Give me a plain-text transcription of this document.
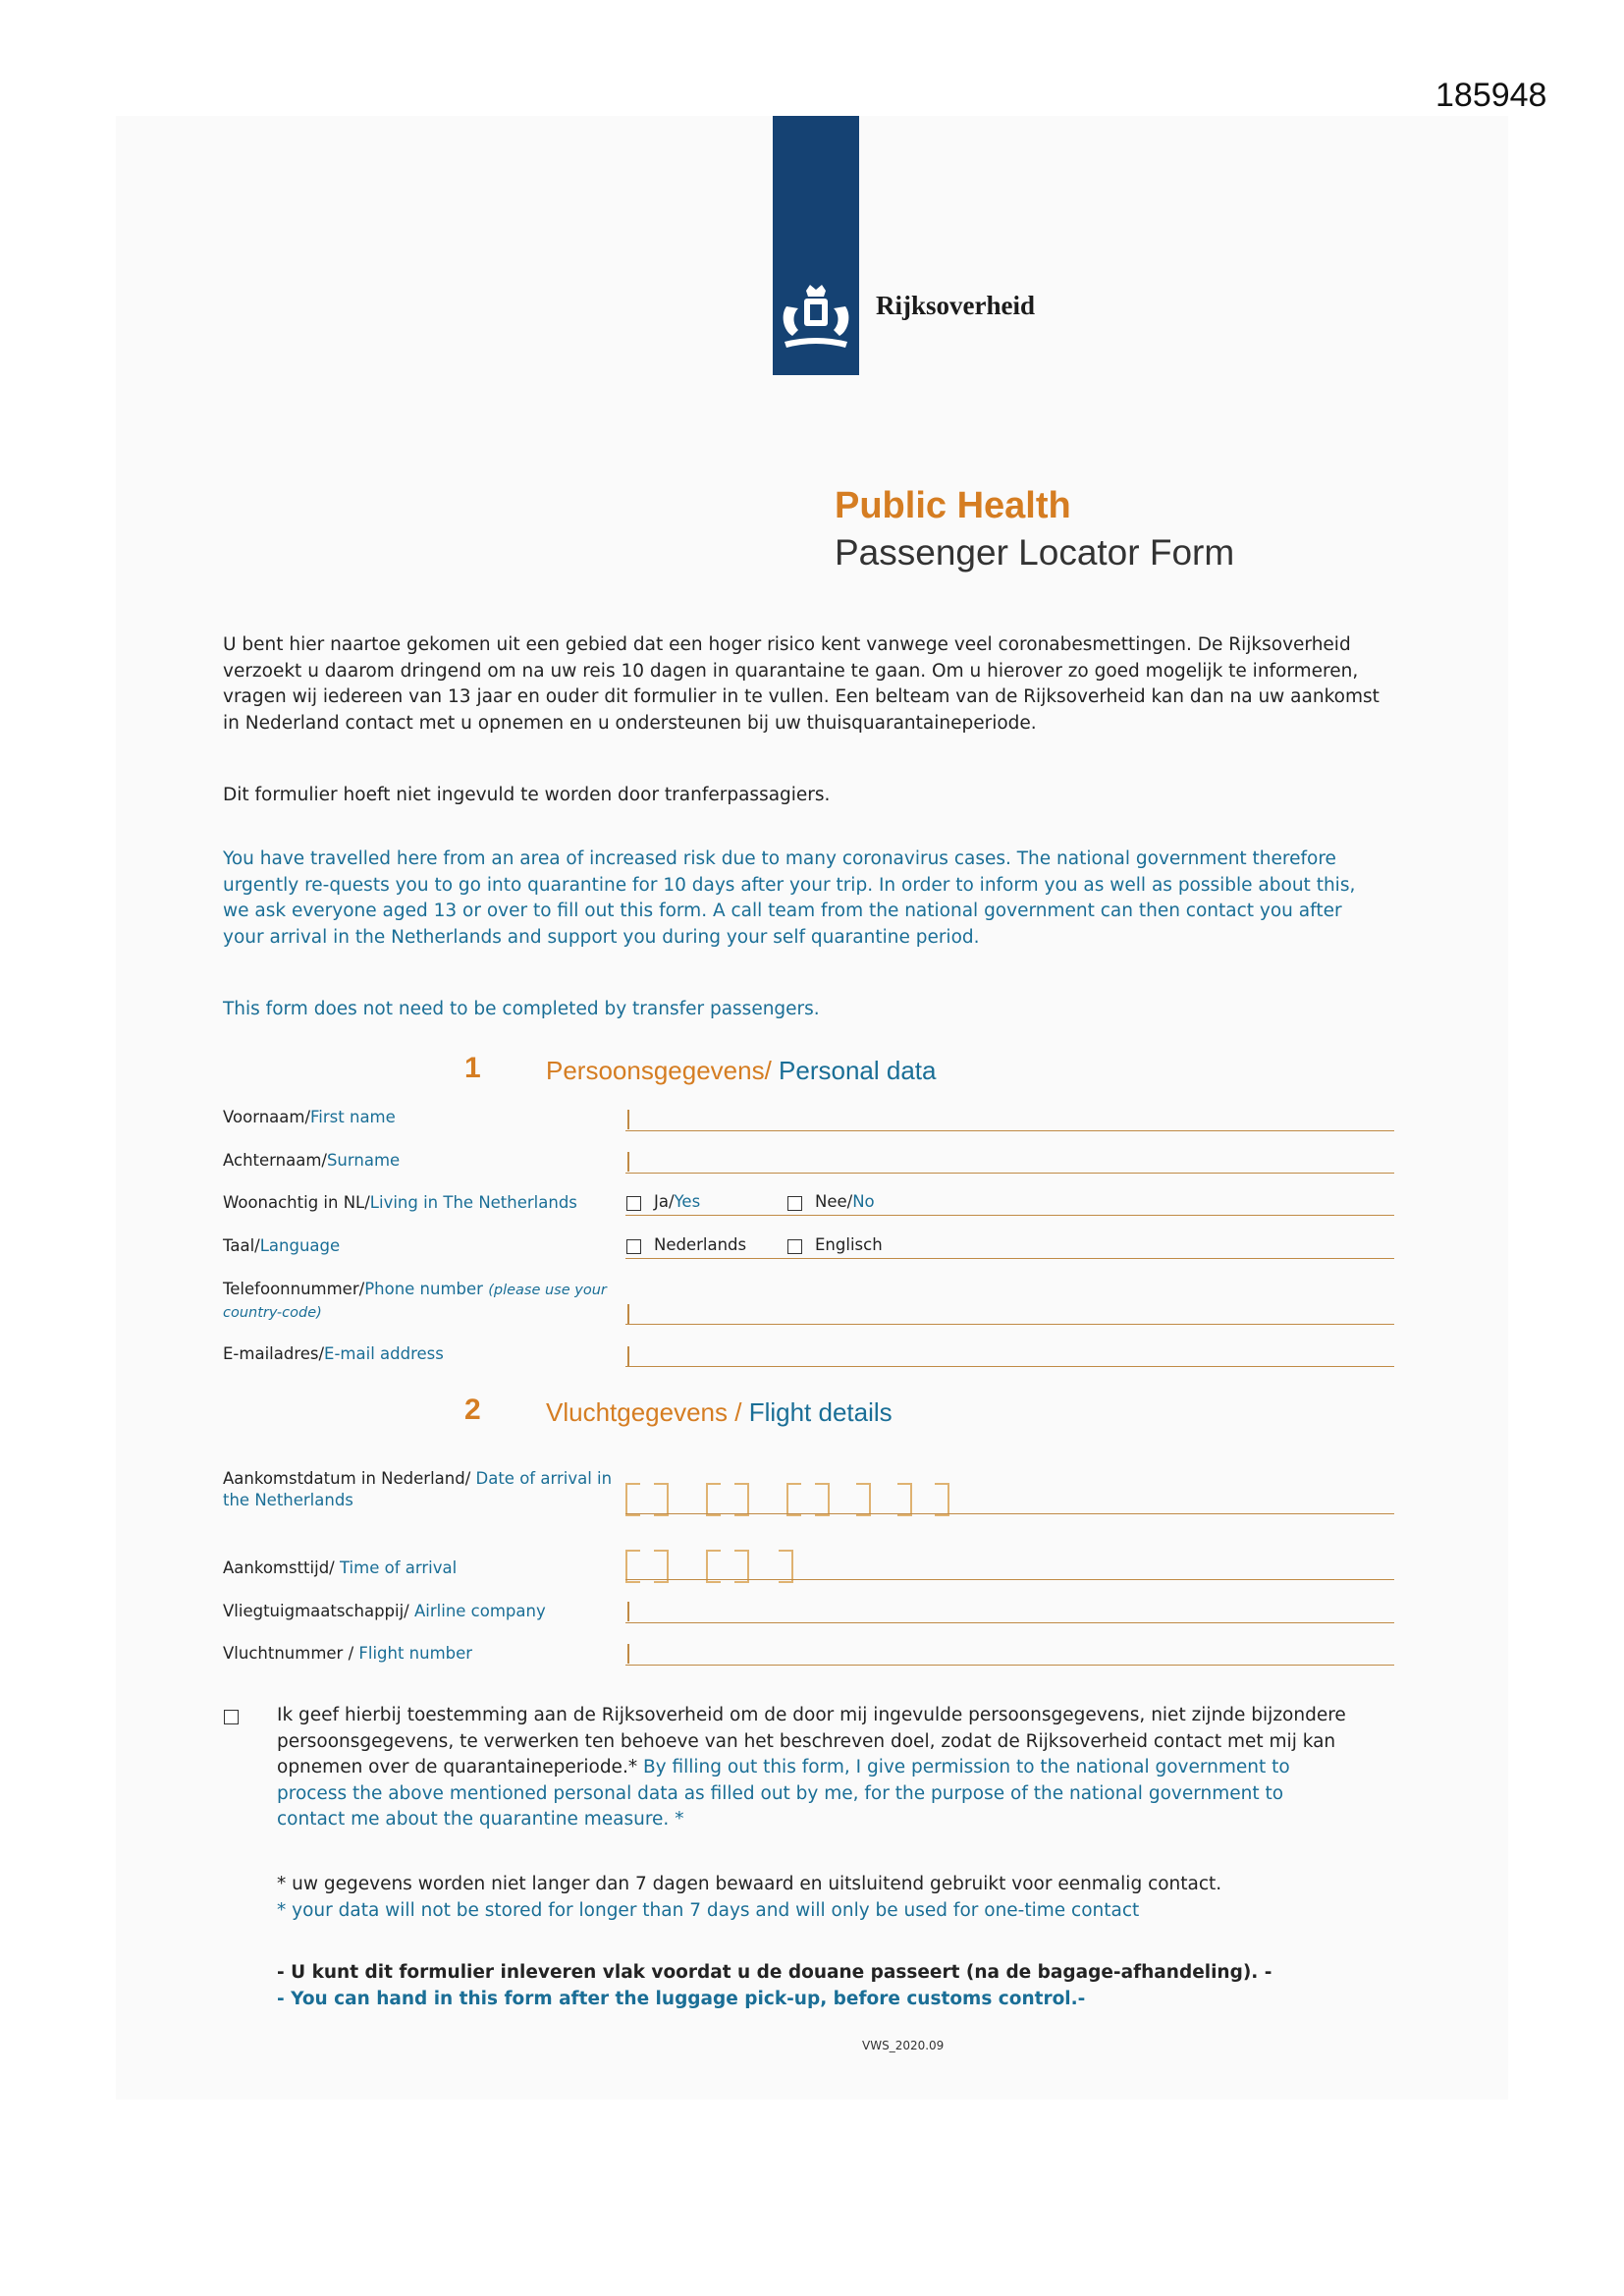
185948
Rijksoverheid
Public Health
Passenger Locator Form
U bent hier naartoe gekomen uit een gebied dat een hoger risico kent vanwege veel coronabesmettingen. De Rijksoverheid verzoekt u daarom dringend om na uw reis 10 dagen in quarantaine te gaan. Om u hierover zo goed mogelijk te informeren, vragen wij iedereen van 13 jaar en ouder dit formulier in te vullen. Een belteam van de Rijksoverheid kan dan na uw aankomst in Nederland contact met u opnemen en u ondersteunen bij uw thuisquarantaineperiode.
Dit formulier hoeft niet ingevuld te worden door tranferpassagiers.
You have travelled here from an area of increased risk due to many coronavirus cases. The national government therefore urgently re-quests you to go into quarantine for 10 days after your trip. In order to inform you as well as possible about this, we ask everyone aged 13 or over to fill out this form. A call team from the national government can then contact you after your arrival in the Netherlands and support you during your self quarantine period.
This form does not need to be completed by transfer passengers.
1	Persoonsgegevens/ Personal data
Voornaam/First name
Achternaam/Surname
Woonachtig in NL/Living in The Netherlands	Ja/Yes	Nee/No
Taal/Language	Nederlands	Englisch
Telefoonnummer/Phone number (please use your country-code)
E-mailadres/E-mail address
2	Vluchtgegevens / Flight details
Aankomstdatum in Nederland/ Date of arrival in the Netherlands
Aankomsttijd/ Time of arrival
Vliegtuigmaatschappij/ Airline company
Vluchtnummer / Flight number
Ik geef hierbij toestemming aan de Rijksoverheid om de door mij ingevulde persoonsgegevens, niet zijnde bijzondere persoonsgegevens, te verwerken ten behoeve van het beschreven doel, zodat de Rijksoverheid contact met mij kan opnemen over de quarantaineperiode.* By filling out this form, I give permission to the national government to process the above mentioned personal data as filled out by me, for the purpose of the national government to contact me about the quarantine measure. *
* uw gegevens worden niet langer dan 7 dagen bewaard en uitsluitend gebruikt voor eenmalig contact.
* your data will not be stored for longer than 7 days and will only be used for one-time contact
- U kunt dit formulier inleveren vlak voordat u de douane passeert (na de bagage-afhandeling). -
- You can hand in this form after the luggage pick-up, before customs control.-
VWS_2020.09
